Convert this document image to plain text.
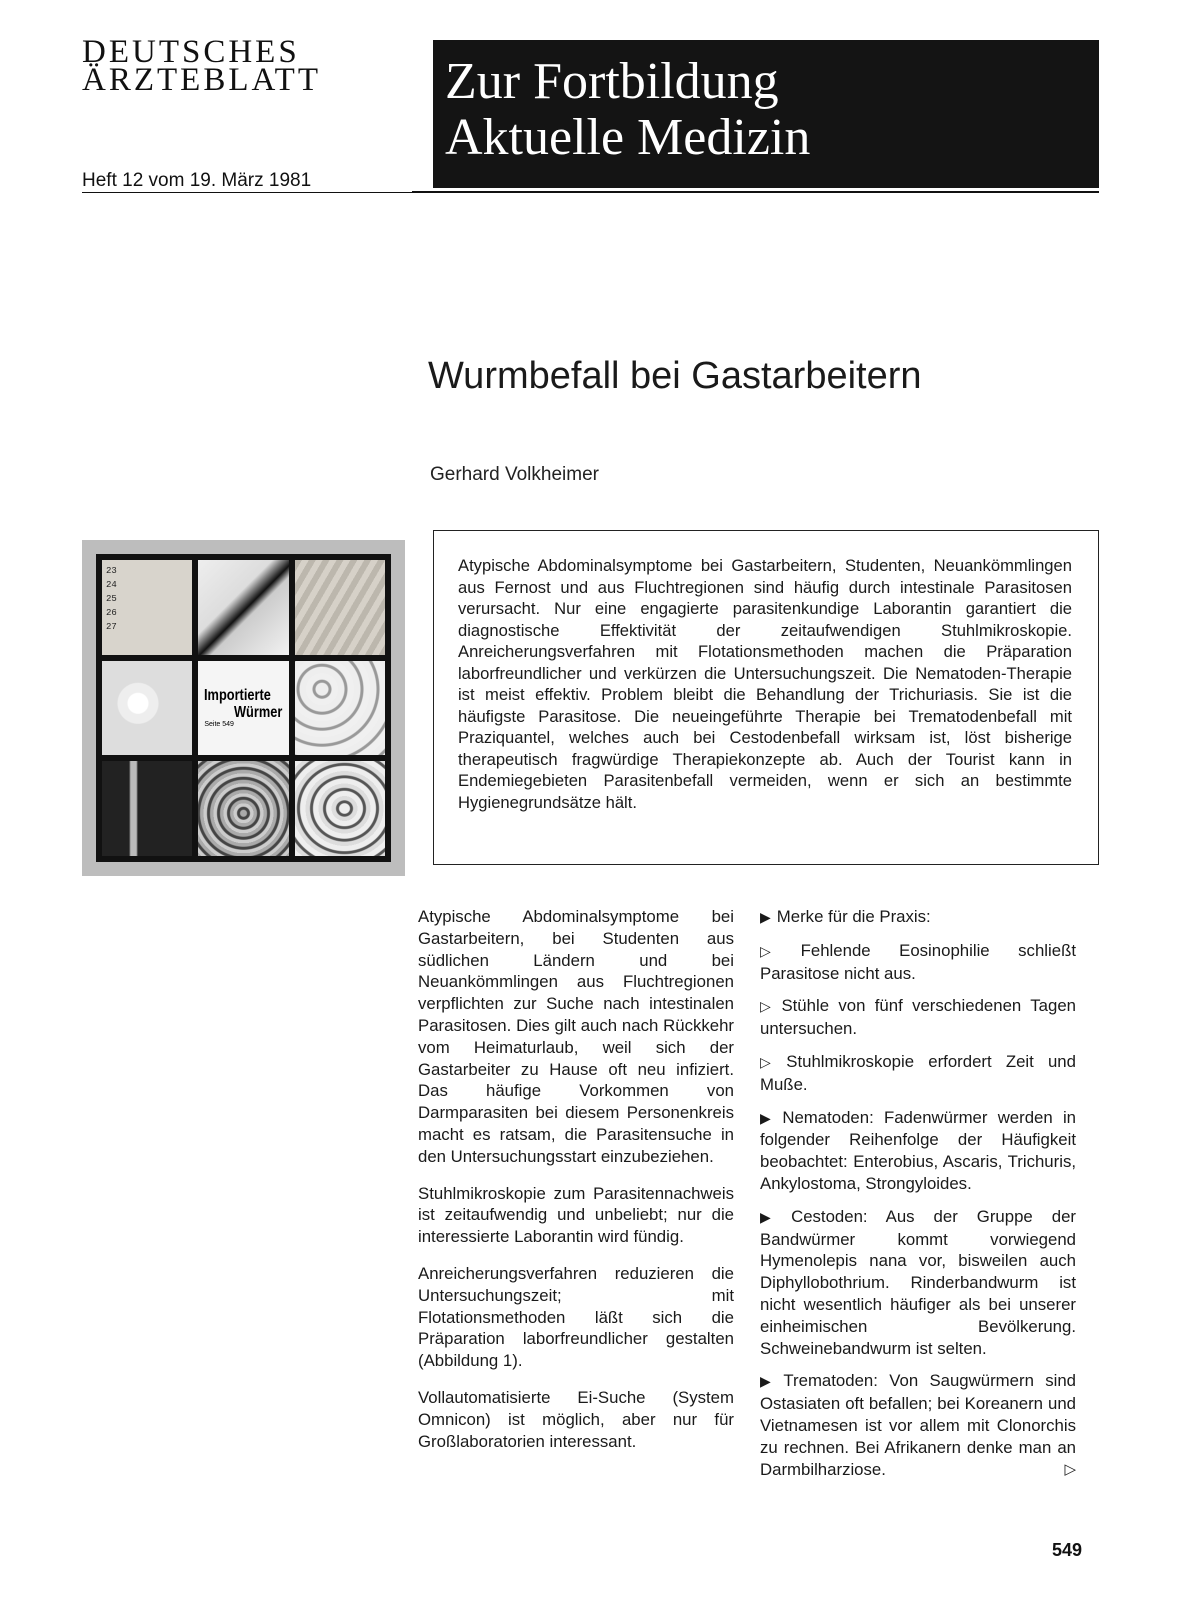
DEUTSCHES
ÄRZTEBLATT
Heft 12 vom 19. März 1981
Zur Fortbildung
Aktuelle Medizin
Wurmbefall bei Gastarbeitern
Gerhard Volkheimer
23
24
25
26
27
Importierte
Würmer
Seite 549
Atypische Abdominalsymptome bei Gastarbeitern, Studenten, Neuankömmlingen aus Fernost und aus Fluchtregionen sind häufig durch intestinale Parasitosen verursacht. Nur eine engagierte parasitenkundige Laborantin garantiert die diagnostische Effektivität der zeitaufwendigen Stuhlmikroskopie. Anreicherungsverfahren mit Flotationsmethoden machen die Präparation laborfreundlicher und verkürzen die Untersuchungszeit. Die Nematoden-Therapie ist meist effektiv. Problem bleibt die Behandlung der Trichuriasis. Sie ist die häufigste Parasitose. Die neueingeführte Therapie bei Trematodenbefall mit Praziquantel, welches auch bei Cestodenbefall wirksam ist, löst bisherige therapeutisch fragwürdige Therapiekonzepte ab. Auch der Tourist kann in Endemiegebieten Parasitenbefall vermeiden, wenn er sich an bestimmte Hygienegrundsätze hält.

Atypische Abdominalsymptome bei Gastarbeitern, bei Studenten aus südlichen Ländern und bei Neuankömmlingen aus Fluchtregionen verpflichten zur Suche nach intestinalen Parasitosen. Dies gilt auch nach Rückkehr vom Heimaturlaub, weil sich der Gastarbeiter zu Hause oft neu infiziert. Das häufige Vorkommen von Darmparasiten bei diesem Personenkreis macht es ratsam, die Parasitensuche in den Untersuchungsstart einzubeziehen.

Stuhlmikroskopie zum Parasitennachweis ist zeitaufwendig und unbeliebt; nur die interessierte Laborantin wird fündig.

Anreicherungsverfahren reduzieren die Untersuchungszeit; mit Flotationsmethoden läßt sich die Präparation laborfreundlicher gestalten (Abbildung 1).

Vollautomatisierte Ei-Suche (System Omnicon) ist möglich, aber nur für Großlaboratorien interessant.

▶ Merke für die Praxis:

▷ Fehlende Eosinophilie schließt Parasitose nicht aus.

▷ Stühle von fünf verschiedenen Tagen untersuchen.

▷ Stuhlmikroskopie erfordert Zeit und Muße.

▶ Nematoden: Fadenwürmer werden in folgender Reihenfolge der Häufigkeit beobachtet: Enterobius, Ascaris, Trichuris, Ankylostoma, Strongyloides.

▶ Cestoden: Aus der Gruppe der Bandwürmer kommt vorwiegend Hymenolepis nana vor, bisweilen auch Diphyllobothrium. Rinderbandwurm ist nicht wesentlich häufiger als bei unserer einheimischen Bevölkerung. Schweinebandwurm ist selten.

▶ Trematoden: Von Saugwürmern sind Ostasiaten oft befallen; bei Koreanern und Vietnamesen ist vor allem mit Clonorchis zu rechnen. Bei Afrikanern denke man an Darmbilharziose.	▷

549
